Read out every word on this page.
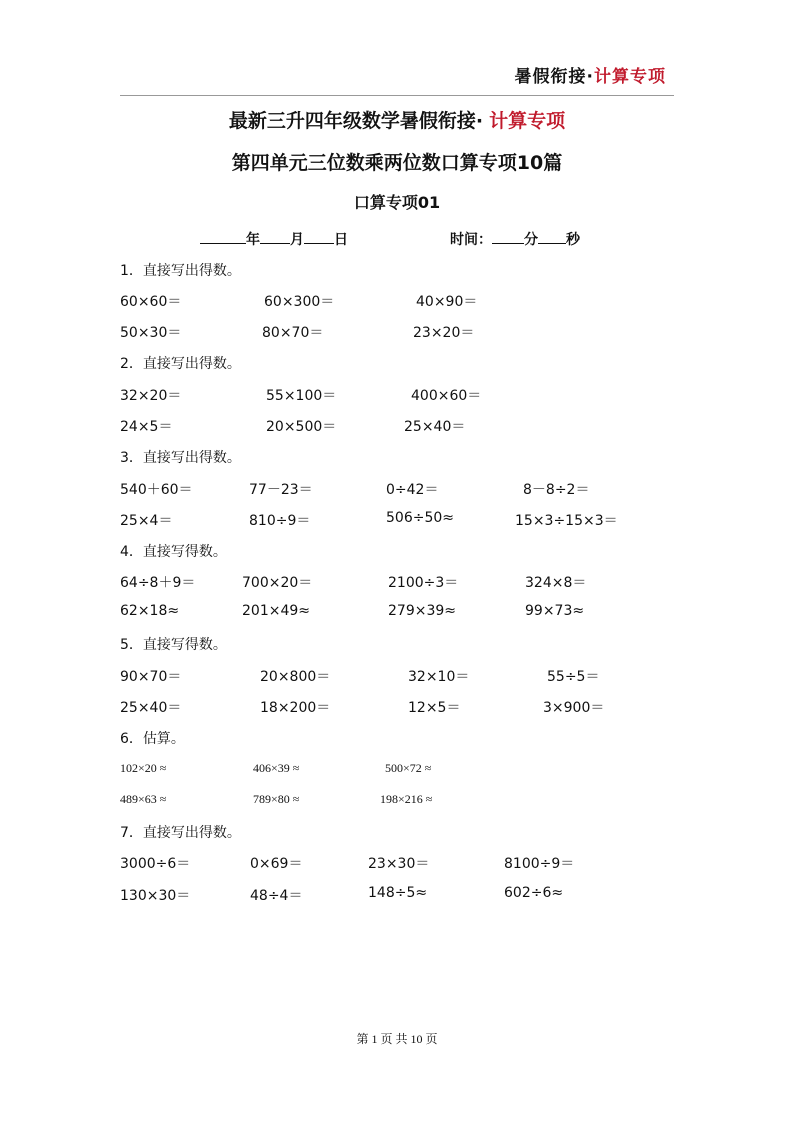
暑假衔接·计算专项
最新三升四年级数学暑假衔接· 计算专项
第四单元三位数乘两位数口算专项10篇
口算专项01
年 月 日	时间： 分 秒
1．直接写出得数。
60×60＝	60×300＝	40×90＝
50×30＝	80×70＝	23×20＝
2．直接写出得数。
32×20＝	55×100＝	400×60＝
24×5＝	20×500＝	25×40＝
3．直接写出得数。
540＋60＝	77－23＝	0÷42＝	8－8÷2＝
25×4＝	810÷9＝	506÷50≈	15×3÷15×3＝
4．直接写得数。
64÷8＋9＝	700×20＝	2100÷3＝	324×8＝
62×18≈	201×49≈	279×39≈	99×73≈
5．直接写得数。
90×70＝	20×800＝	32×10＝	55÷5＝
25×40＝	18×200＝	12×5＝	3×900＝
6．估算。
102×20 ≈	406×39 ≈	500×72 ≈
489×63 ≈	789×80 ≈	198×216 ≈
7．直接写出得数。
3000÷6＝	0×69＝	23×30＝	8100÷9＝
130×30＝	48÷4＝	148÷5≈	602÷6≈
第 1 页 共 10 页
